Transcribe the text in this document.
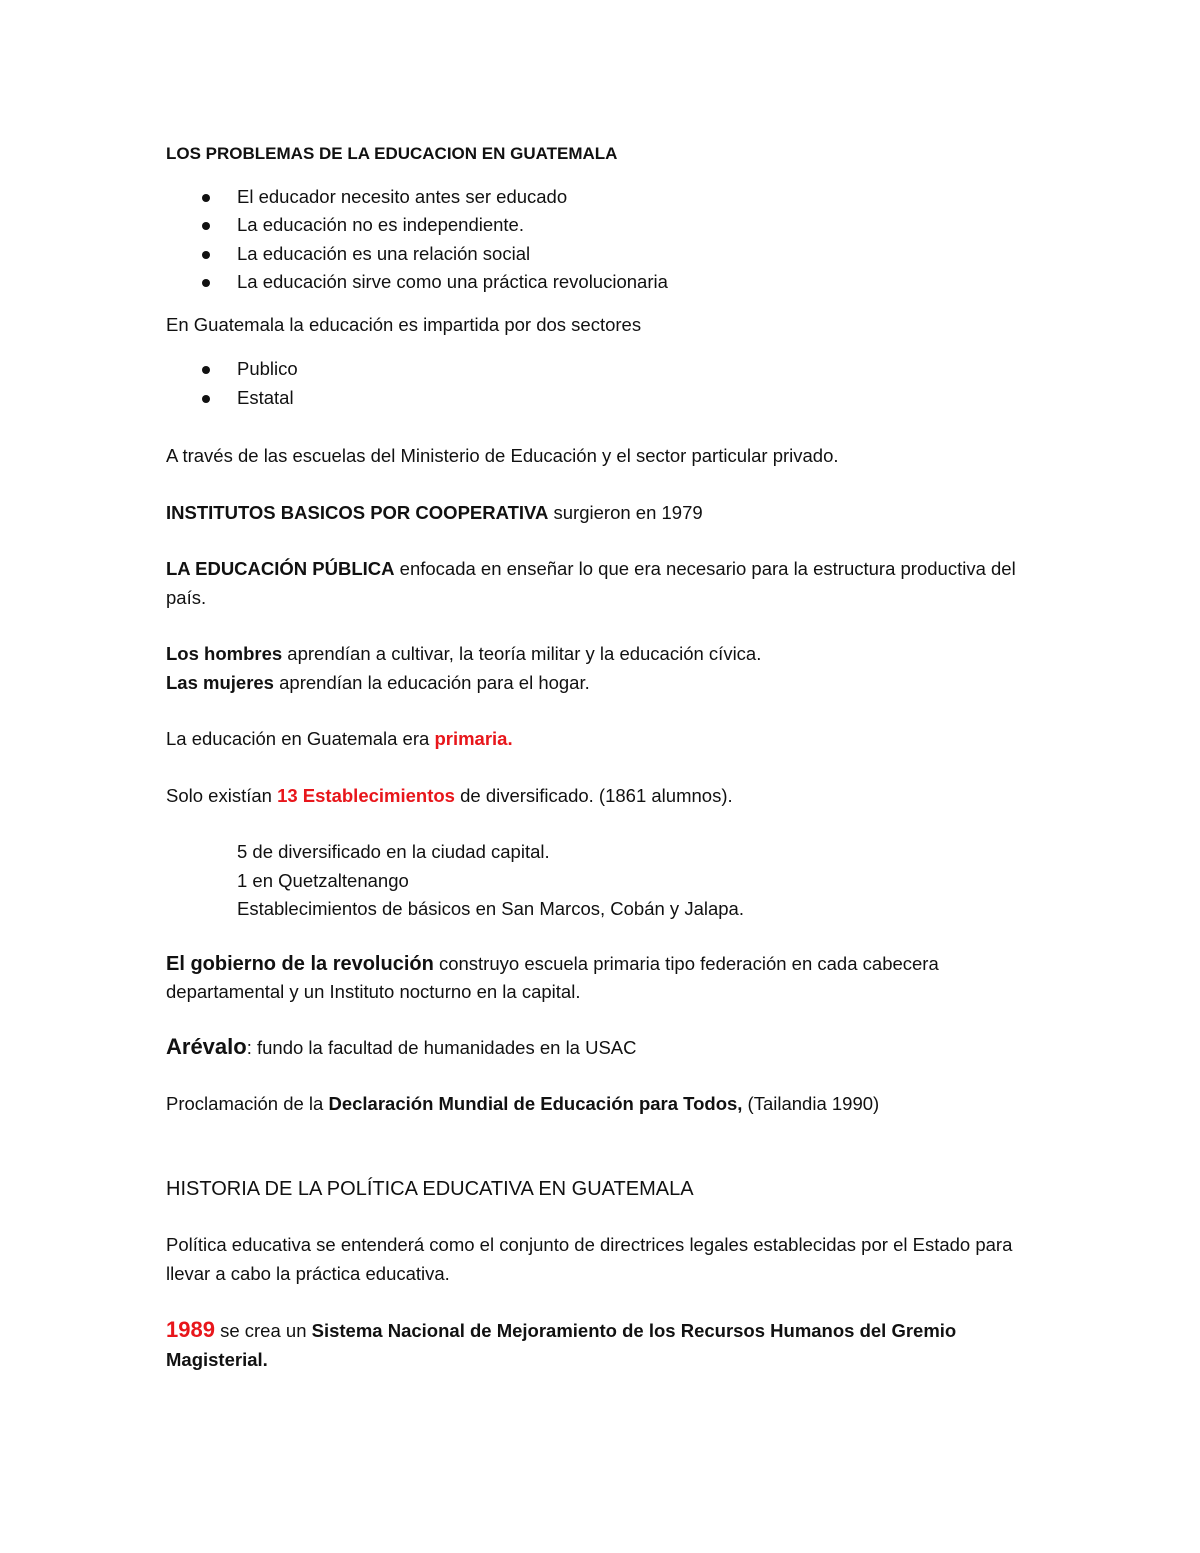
LOS PROBLEMAS DE LA EDUCACION EN GUATEMALA

El educador necesito antes ser educado
La educación no es independiente.
La educación es una relación social
La educación sirve como una práctica revolucionaria

En Guatemala la educación es impartida por dos sectores

Publico
Estatal

A través de las escuelas del Ministerio de Educación y el sector particular privado.

INSTITUTOS BASICOS POR COOPERATIVA surgieron en 1979

LA EDUCACIÓN PÚBLICA enfocada en enseñar lo que era necesario para la estructura productiva del país.

Los hombres aprendían a cultivar, la teoría militar y la educación cívica.

Las mujeres aprendían la educación para el hogar.

La educación en Guatemala era primaria.

Solo existían 13 Establecimientos de diversificado. (1861 alumnos).

5 de diversificado en la ciudad capital.

1 en Quetzaltenango

Establecimientos de básicos en San Marcos, Cobán y Jalapa.

El gobierno de la revolución construyo escuela primaria tipo federación en cada cabecera departamental y un Instituto nocturno en la capital.

Arévalo: fundo la facultad de humanidades en la USAC

Proclamación de la Declaración Mundial de Educación para Todos, (Tailandia 1990)

HISTORIA DE LA POLÍTICA EDUCATIVA EN GUATEMALA

Política educativa se entenderá como el conjunto de directrices legales establecidas por el Estado para llevar a cabo la práctica educativa.

1989 se crea un Sistema Nacional de Mejoramiento de los Recursos Humanos del Gremio Magisterial.
